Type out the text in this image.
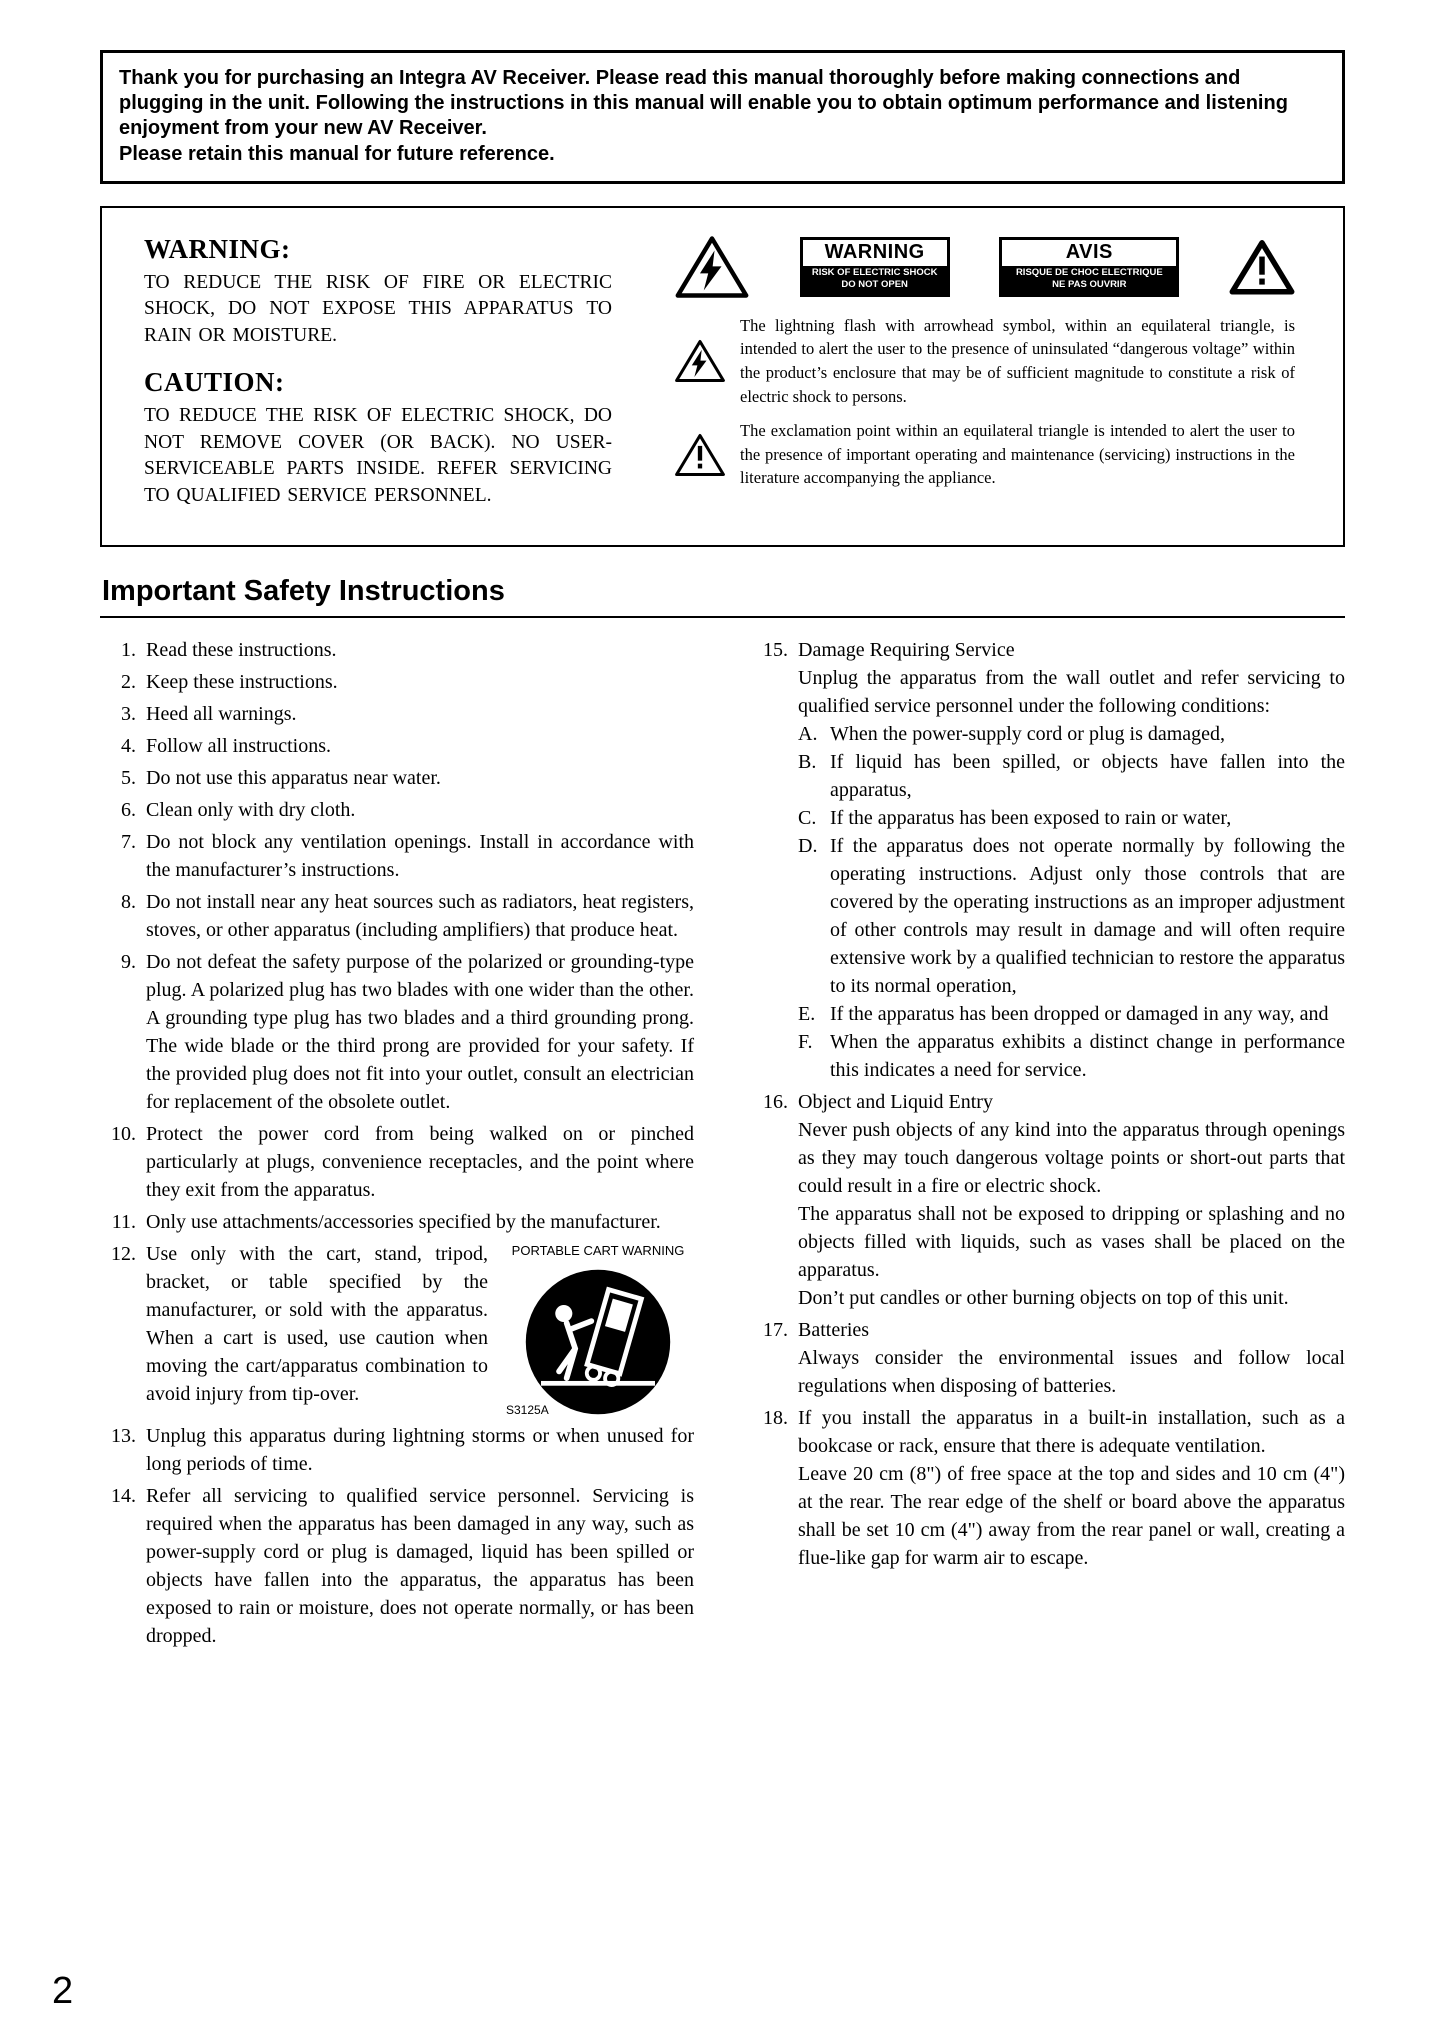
Thank you for purchasing an Integra AV Receiver. Please read this manual thoroughly before making connections and plugging in the unit. Following the instructions in this manual will enable you to obtain optimum performance and listening enjoyment from your new AV Receiver.

Please retain this manual for future reference.

WARNING:

TO REDUCE THE RISK OF FIRE OR ELECTRIC SHOCK, DO NOT EXPOSE THIS APPARATUS TO RAIN OR MOISTURE.

CAUTION:

TO REDUCE THE RISK OF ELECTRIC SHOCK, DO NOT REMOVE COVER (OR BACK). NO USER-SERVICEABLE PARTS INSIDE. REFER SERVICING TO QUALIFIED SERVICE PERSONNEL.

WARNING
RISK OF ELECTRIC SHOCK
DO NOT OPEN
AVIS
RISQUE DE CHOC ELECTRIQUE
NE PAS OUVRIR

The lightning flash with arrowhead symbol, within an equilateral triangle, is intended to alert the user to the presence of uninsulated “dangerous voltage” within the product’s enclosure that may be of sufficient magnitude to constitute a risk of electric shock to persons.

The exclamation point within an equilateral triangle is intended to alert the user to the presence of important operating and maintenance (servicing) instructions in the literature accompanying the appliance.

Important Safety Instructions
1. Read these instructions.

2. Keep these instructions.

3. Heed all warnings.

4. Follow all instructions.

5. Do not use this apparatus near water.

6. Clean only with dry cloth.

7. Do not block any ventilation openings. Install in accordance with the manufacturer’s instructions.

8. Do not install near any heat sources such as radiators, heat registers, stoves, or other apparatus (including amplifiers) that produce heat.

9. Do not defeat the safety purpose of the polarized or grounding-type plug. A polarized plug has two blades with one wider than the other. A grounding type plug has two blades and a third grounding prong. The wide blade or the third prong are provided for your safety. If the provided plug does not fit into your outlet, consult an electrician for replacement of the obsolete outlet.

10. Protect the power cord from being walked on or pinched particularly at plugs, convenience receptacles, and the point where they exit from the apparatus.

11. Only use attachments/accessories specified by the manufacturer.

12. Use only with the cart, stand, tripod, bracket, or table specified by the manufacturer, or sold with the apparatus. When a cart is used, use caution when moving the cart/apparatus combination to avoid injury from tip-over.

PORTABLE CART WARNING
S3125A
13. Unplug this apparatus during lightning storms or when unused for long periods of time.

14. Refer all servicing to qualified service personnel. Servicing is required when the apparatus has been damaged in any way, such as power-supply cord or plug is damaged, liquid has been spilled or objects have fallen into the apparatus, the apparatus has been exposed to rain or moisture, does not operate normally, or has been dropped.

15. Damage Requiring Service

Unplug the apparatus from the wall outlet and refer servicing to qualified service personnel under the following conditions:

A. When the power-supply cord or plug is damaged,

B. If liquid has been spilled, or objects have fallen into the apparatus,

C. If the apparatus has been exposed to rain or water,

D. If the apparatus does not operate normally by following the operating instructions. Adjust only those controls that are covered by the operating instructions as an improper adjustment of other controls may result in damage and will often require extensive work by a qualified technician to restore the apparatus to its normal operation,

E. If the apparatus has been dropped or damaged in any way, and

F. When the apparatus exhibits a distinct change in performance this indicates a need for service.

16. Object and Liquid Entry

Never push objects of any kind into the apparatus through openings as they may touch dangerous voltage points or short-out parts that could result in a fire or electric shock.

The apparatus shall not be exposed to dripping or splashing and no objects filled with liquids, such as vases shall be placed on the apparatus.

Don’t put candles or other burning objects on top of this unit.

17. Batteries

Always consider the environmental issues and follow local regulations when disposing of batteries.

18. If you install the apparatus in a built-in installation, such as a bookcase or rack, ensure that there is adequate ventilation.

Leave 20 cm (8") of free space at the top and sides and 10 cm (4") at the rear. The rear edge of the shelf or board above the apparatus shall be set 10 cm (4") away from the rear panel or wall, creating a flue-like gap for warm air to escape.

2
